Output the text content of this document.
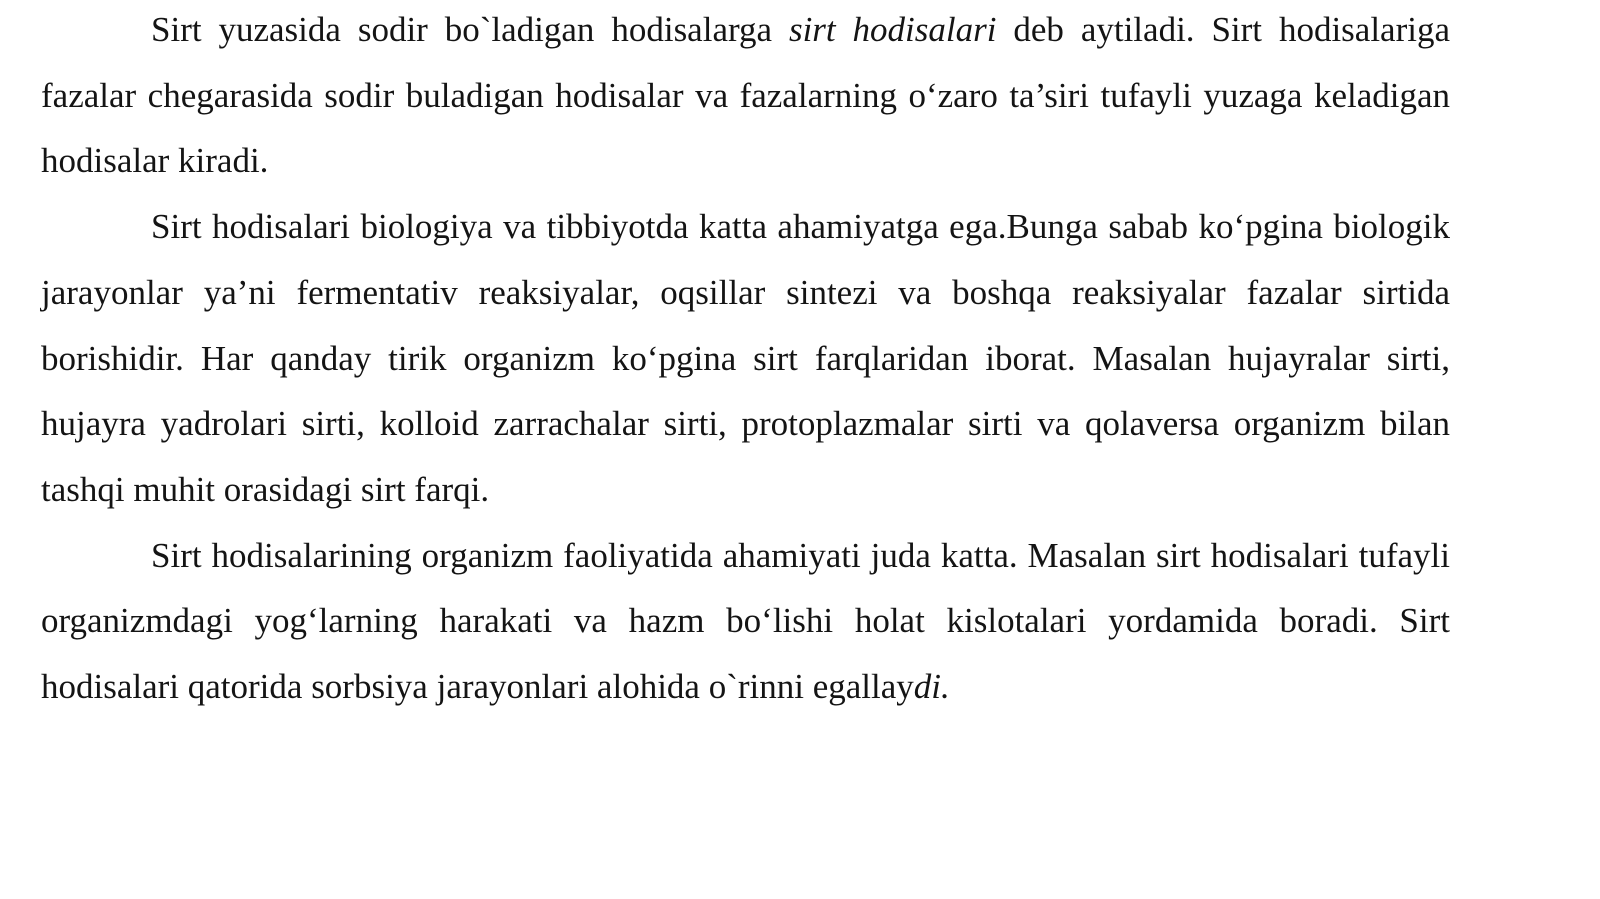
Sirt yuzasida sodir bo`ladigan hodisalarga sirt hodisalari deb aytiladi. Sirt hodisalariga fazalar chegarasida sodir buladigan hodisalar va fazalarning o‘zaro ta’siri tufayli yuzaga keladigan hodisalar kiradi.

Sirt hodisalari biologiya va tibbiyotda katta ahamiyatga ega.Bunga sabab ko‘pgina biologik jarayonlar ya’ni fermentativ reaksiyalar, oqsillar sintezi va boshqa reaksiyalar fazalar sirtida borishidir. Har qanday tirik organizm ko‘pgina sirt farqlaridan iborat. Masalan hujayralar sirti, hujayra yadrolari sirti, kolloid zarrachalar sirti, protoplazmalar sirti va qolaversa organizm bilan tashqi muhit orasidagi sirt farqi.

Sirt hodisalarining organizm faoliyatida ahamiyati juda katta. Masalan sirt hodisalari tufayli organizmdagi yog‘larning harakati va hazm bo‘lishi holat kislotalari yordamida boradi. Sirt hodisalari qatorida sorbsiya jarayonlari alohida o`rinni egallaydi.
